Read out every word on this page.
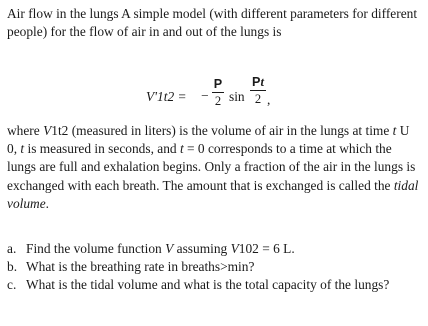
Air flow in the lungs A simple model (with different parameters for different people) for the flow of air in and out of the lungs is

V'1t2 = −
P
2 sin
Pt
2 ,

where V1t2 (measured in liters) is the volume of air in the lungs at time t U 0, t is measured in seconds, and t = 0 corresponds to a time at which the lungs are full and exhalation begins. Only a fraction of the air in the lungs is exchanged with each breath. The amount that is exchanged is called the tidal volume.

a. Find the volume function V assuming V102 = 6 L.
b. What is the breathing rate in breaths>min?
c. What is the tidal volume and what is the total capacity of the lungs?
